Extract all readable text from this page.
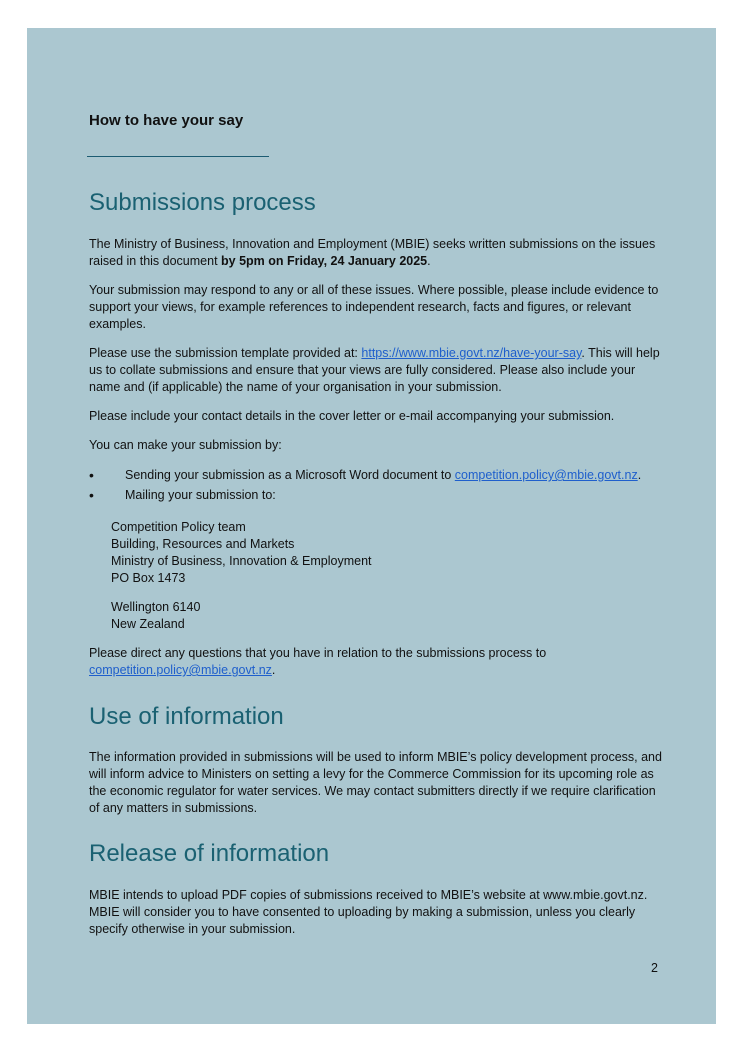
How to have your say
Submissions process

The Ministry of Business, Innovation and Employment (MBIE) seeks written submissions on the issues raised in this document by 5pm on Friday, 24 January 2025.

Your submission may respond to any or all of these issues. Where possible, please include evidence to support your views, for example references to independent research, facts and figures, or relevant examples.

Please use the submission template provided at: https://www.mbie.govt.nz/have-your-say. This will help us to collate submissions and ensure that your views are fully considered. Please also include your name and (if applicable) the name of your organisation in your submission.

Please include your contact details in the cover letter or e-mail accompanying your submission.

You can make your submission by:

• Sending your submission as a Microsoft Word document to competition.policy@mbie.govt.nz.
• Mailing your submission to:
Competition Policy team
Building, Resources and Markets
Ministry of Business, Innovation & Employment
PO Box 1473
Wellington 6140
New Zealand

Please direct any questions that you have in relation to the submissions process to competition.policy@mbie.govt.nz.

Use of information

The information provided in submissions will be used to inform MBIE’s policy development process, and will inform advice to Ministers on setting a levy for the Commerce Commission for its upcoming role as the economic regulator for water services. We may contact submitters directly if we require clarification of any matters in submissions.

Release of information

MBIE intends to upload PDF copies of submissions received to MBIE’s website at www.mbie.govt.nz. MBIE will consider you to have consented to uploading by making a submission, unless you clearly specify otherwise in your submission.

2
